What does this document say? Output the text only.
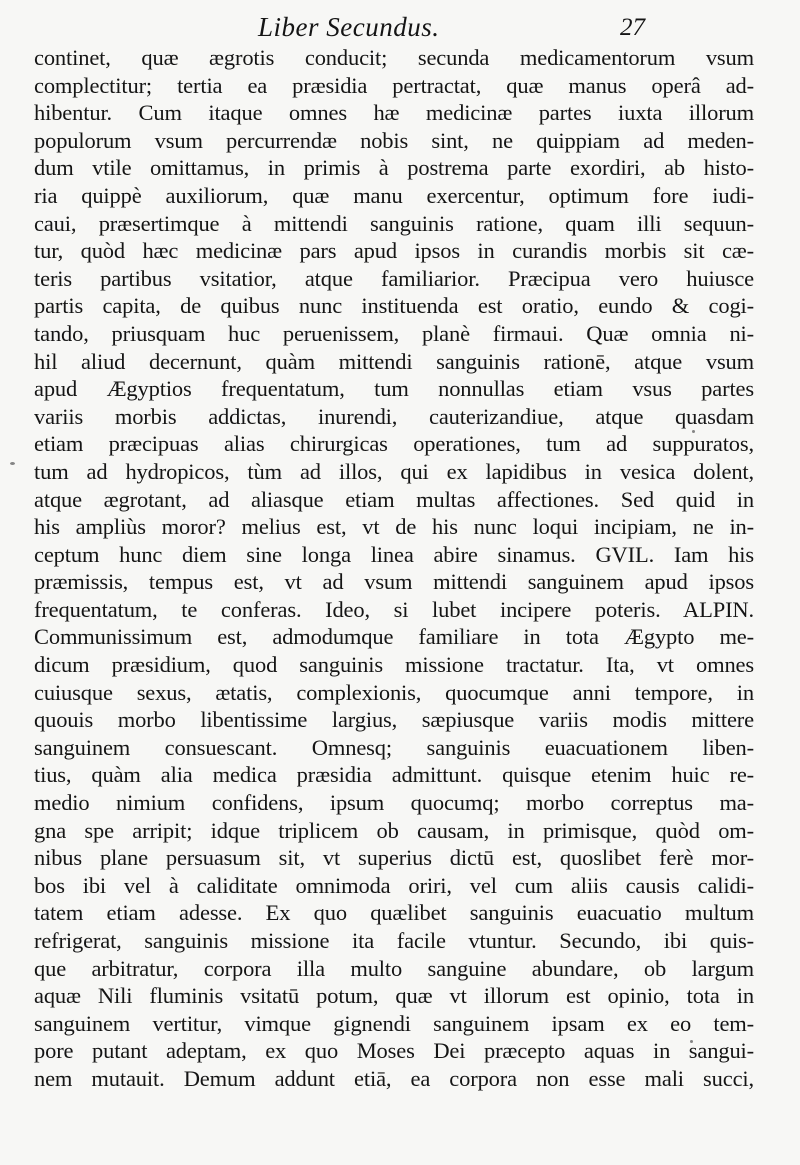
Liber Secundus.	27
continet, quæ ægrotis conducit; secunda medicamentorum vsum
complectitur; tertia ea præsidia pertractat, quæ manus operâ ad-
hibentur. Cum itaque omnes hæ medicinæ partes iuxta illorum
populorum vsum percurrendæ nobis sint, ne quippiam ad meden-
dum vtile omittamus, in primis à postrema parte exordiri, ab histo-
ria quippè auxiliorum, quæ manu exercentur, optimum fore iudi-
caui, præsertimque à mittendi sanguinis ratione, quam illi sequun-
tur, quòd hæc medicinæ pars apud ipsos in curandis morbis sit cæ-
teris partibus vsitatior, atque familiarior. Præcipua vero huiusce
partis capita, de quibus nunc instituenda est oratio, eundo & cogi-
tando, priusquam huc peruenissem, planè firmaui. Quæ omnia ni-
hil aliud decernunt, quàm mittendi sanguinis rationē, atque vsum
apud Ægyptios frequentatum, tum nonnullas etiam vsus partes
variis morbis addictas, inurendi, cauterizandiue, atque quasdam
etiam præcipuas alias chirurgicas operationes, tum ad suppuratos,
tum ad hydropicos, tùm ad illos, qui ex lapidibus in vesica dolent,
atque ægrotant, ad aliasque etiam multas affectiones. Sed quid in
his ampliùs moror? melius est, vt de his nunc loqui incipiam, ne in-
ceptum hunc diem sine longa linea abire sinamus. GVIL. Iam his
præmissis, tempus est, vt ad vsum mittendi sanguinem apud ipsos
frequentatum, te conferas. Ideo, si lubet incipere poteris. ALPIN.
Communissimum est, admodumque familiare in tota Ægypto me-
dicum præsidium, quod sanguinis missione tractatur. Ita, vt omnes
cuiusque sexus, ætatis, complexionis, quocumque anni tempore, in
quouis morbo libentissime largius, sæpiusque variis modis mittere
sanguinem consuescant. Omnesq; sanguinis euacuationem liben-
tius, quàm alia medica præsidia admittunt. quisque etenim huic re-
medio nimium confidens, ipsum quocumq; morbo correptus ma-
gna spe arripit; idque triplicem ob causam, in primisque, quòd om-
nibus plane persuasum sit, vt superius dictū est, quoslibet ferè mor-
bos ibi vel à caliditate omnimoda oriri, vel cum aliis causis calidi-
tatem etiam adesse. Ex quo quælibet sanguinis euacuatio multum
refrigerat, sanguinis missione ita facile vtuntur. Secundo, ibi quis-
que arbitratur, corpora illa multo sanguine abundare, ob largum
aquæ Nili fluminis vsitatū potum, quæ vt illorum est opinio, tota in
sanguinem vertitur, vimque gignendi sanguinem ipsam ex eo tem-
pore putant adeptam, ex quo Moses Dei præcepto aquas in sangui-
nem mutauit. Demum addunt etiā, ea corpora non esse mali succi,
